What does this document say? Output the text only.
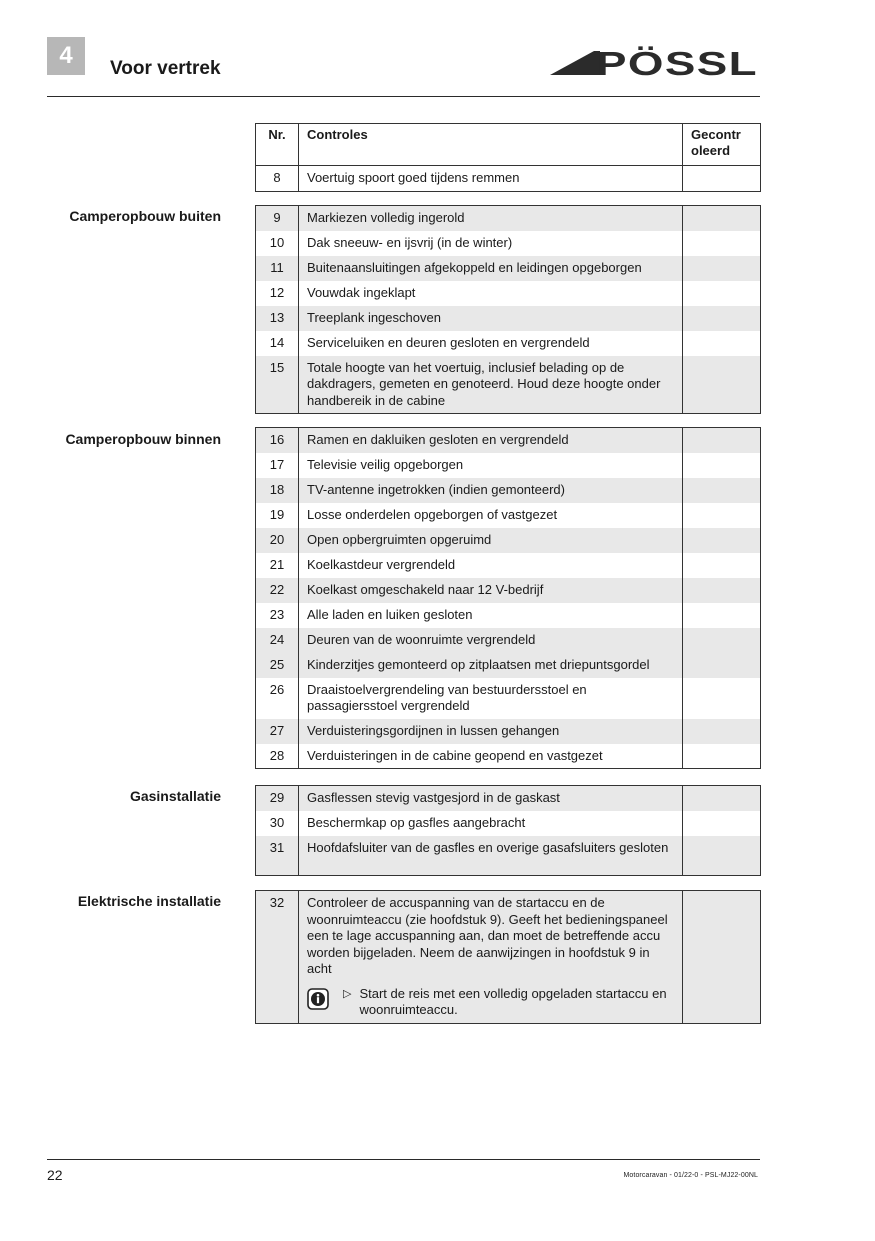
4	Voor vertrek	PÖSSL
Nr.	Controles	Gecontr
oleerd
8	Voertuig spoort goed tijdens remmen	
Camperopbouw buiten	9	Markiezen volledig ingerold	
10	Dak sneeuw- en ijsvrij (in de winter)	
11	Buitenaansluitingen afgekoppeld en leidingen opgeborgen	
12	Vouwdak ingeklapt	
13	Treeplank ingeschoven	
14	Serviceluiken en deuren gesloten en vergrendeld	
15	Totale hoogte van het voertuig, inclusief belading op de dakdragers, gemeten en genoteerd. Houd deze hoogte onder handbereik in de cabine	
Camperopbouw binnen	16	Ramen en dakluiken gesloten en vergrendeld	
17	Televisie veilig opgeborgen	
18	TV-antenne ingetrokken (indien gemonteerd)	
19	Losse onderdelen opgeborgen of vastgezet	
20	Open opbergruimten opgeruimd	
21	Koelkastdeur vergrendeld	
22	Koelkast omgeschakeld naar 12 V-bedrijf	
23	Alle laden en luiken gesloten	
24	Deuren van de woonruimte vergrendeld	
25	Kinderzitjes gemonteerd op zitplaatsen met driepuntsgordel	
26	Draaistoelvergrendeling van bestuurdersstoel en passagiersstoel vergrendeld	
27	Verduisteringsgordijnen in lussen gehangen	
28	Verduisteringen in de cabine geopend en vastgezet	
Gasinstallatie	29	Gasflessen stevig vastgesjord in de gaskast	
30	Beschermkap op gasfles aangebracht	
31	Hoofdafsluiter van de gasfles en overige gasafsluiters gesloten	
Elektrische installatie	32	Controleer de accuspanning van de startaccu en de woonruimteaccu (zie hoofdstuk 9). Geeft het bedieningspaneel een te lage accuspanning aan, dan moet de betreffende accu worden bijgeladen. Neem de aanwijzingen in hoofdstuk 9 in acht
▷ Start de reis met een volledig opgeladen startaccu en woonruimteaccu.

22	Motorcaravan - 01/22-0 - PSL-MJ22-00NL
